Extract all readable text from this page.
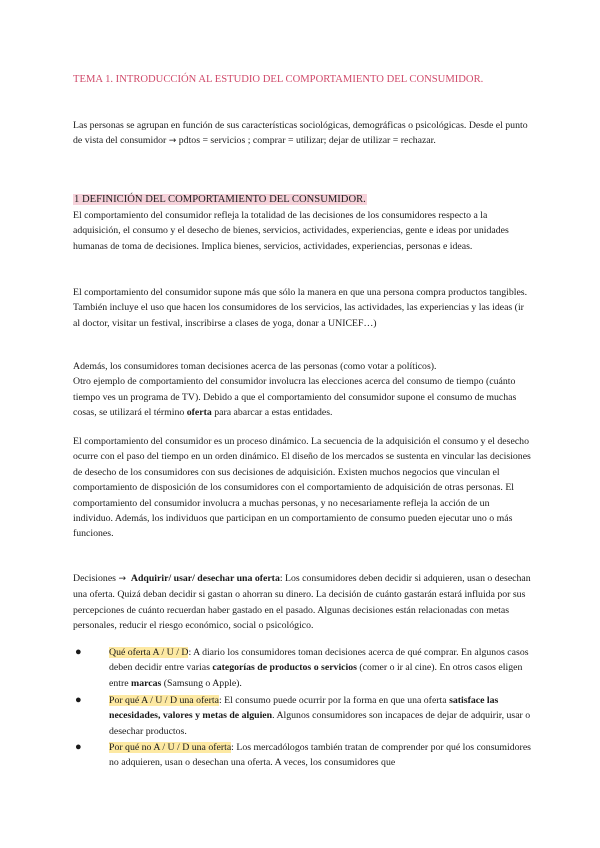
TEMA 1. INTRODUCCIÓN AL ESTUDIO DEL COMPORTAMIENTO DEL CONSUMIDOR.
Las personas se agrupan en función de sus características sociológicas, demográficas o psicológicas. Desde el punto de vista del consumidor → pdtos = servicios ; comprar = utilizar; dejar de utilizar = rechazar.
1 DEFINICIÓN DEL COMPORTAMIENTO DEL CONSUMIDOR.
El comportamiento del consumidor refleja la totalidad de las decisiones de los consumidores respecto a la adquisición, el consumo y el desecho de bienes, servicios, actividades, experiencias, gente e ideas por unidades humanas de toma de decisiones. Implica bienes, servicios, actividades, experiencias, personas e ideas.
El comportamiento del consumidor supone más que sólo la manera en que una persona compra productos tangibles. También incluye el uso que hacen los consumidores de los servicios, las actividades, las experiencias y las ideas (ir al doctor, visitar un festival, inscribirse a clases de yoga, donar a UNICEF…)
Además, los consumidores toman decisiones acerca de las personas (como votar a políticos).
Otro ejemplo de comportamiento del consumidor involucra las elecciones acerca del consumo de tiempo (cuánto tiempo ves un programa de TV). Debido a que el comportamiento del consumidor supone el consumo de muchas cosas, se utilizará el término oferta para abarcar a estas entidades.
El comportamiento del consumidor es un proceso dinámico. La secuencia de la adquisición el consumo y el desecho ocurre con el paso del tiempo en un orden dinámico. El diseño de los mercados se sustenta en vincular las decisiones de desecho de los consumidores con sus decisiones de adquisición. Existen muchos negocios que vinculan el comportamiento de disposición de los consumidores con el comportamiento de adquisición de otras personas. El comportamiento del consumidor involucra a muchas personas, y no necesariamente refleja la acción de un individuo. Además, los individuos que participan en un comportamiento de consumo pueden ejecutar uno o más funciones.
Decisiones → Adquirir/ usar/ desechar una oferta: Los consumidores deben decidir si adquieren, usan o desechan una oferta. Quizá deban decidir si gastan o ahorran su dinero. La decisión de cuánto gastarán estará influida por sus percepciones de cuánto recuerdan haber gastado en el pasado. Algunas decisiones están relacionadas con metas personales, reducir el riesgo económico, social o psicológico.
●	Qué oferta A / U / D: A diario los consumidores toman decisiones acerca de qué comprar. En algunos casos deben decidir entre varias categorías de productos o servicios (comer o ir al cine). En otros casos eligen entre marcas (Samsung o Apple).
●	Por qué A / U / D una oferta: El consumo puede ocurrir por la forma en que una oferta satisface las necesidades, valores y metas de alguien. Algunos consumidores son incapaces de dejar de adquirir, usar o desechar productos.
●	Por qué no A / U / D una oferta: Los mercadólogos también tratan de comprender por qué los consumidores no adquieren, usan o desechan una oferta. A veces, los consumidores que
